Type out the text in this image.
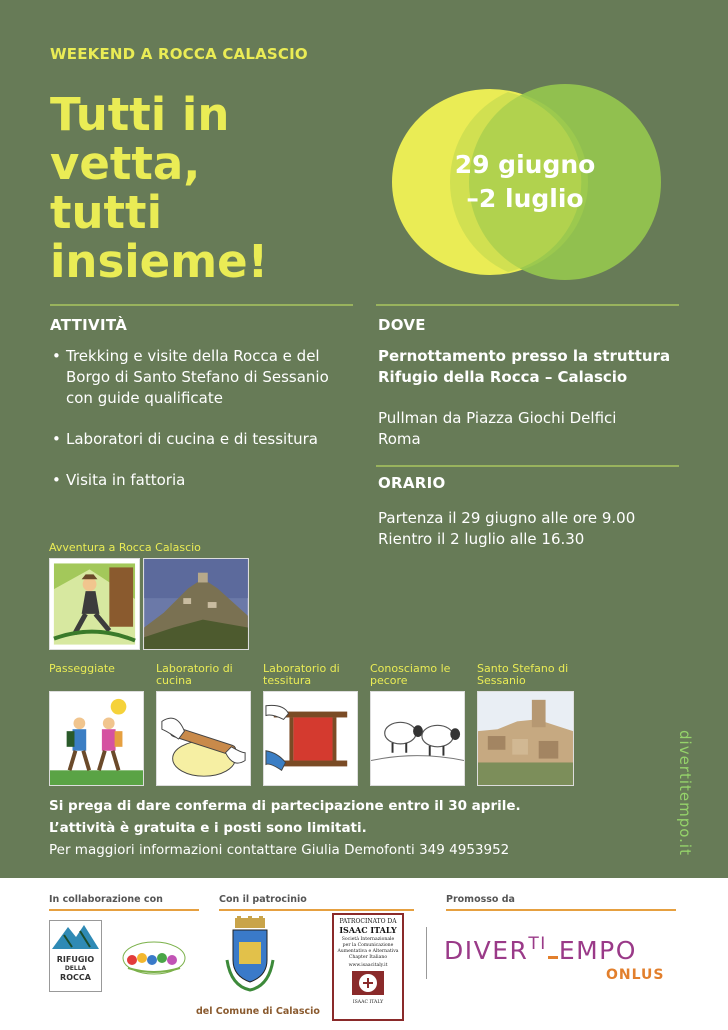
WEEKEND A ROCCA CALASCIO
Tutti in
vetta,
tutti
insieme!
29 giugno
–2 luglio
ATTIVITÀ
• Trekking e visite della Rocca e del Borgo di Santo Stefano di Sessanio con guide qualificate
• Laboratori di cucina e di tessitura
• Visita in fattoria
DOVE
Pernottamento presso la struttura
Rifugio della Rocca – Calascio
Pullman da Piazza Giochi Delfici
Roma
ORARIO
Partenza il 29 giugno alle ore 9.00
Rientro il 2 luglio alle 16.30
Avventura a Rocca Calascio
Passeggiate	Laboratorio di
cucina
Laboratorio di
tessitura
Conosciamo le
pecore
Santo Stefano di
Sessanio
Si prega di dare conferma di partecipazione entro il 30 aprile.
L’attività è gratuita e i posti sono limitati.
Per maggiori informazioni contattare Giulia Demofonti 349 4953952	divertitempo.it
In collaborazione con	Con il patrocinio	Promosso da
RIFUGIO
DELLA
ROCCA
del Comune di Calascio
PATROCINATO DA
ISAAC ITALY
Società Internazionale
per la Comunicazione
Aumentativa e Alternativa
Chapter Italiano
www.isaacitaly.it
ISAAC ITALY
$DIVER^{TI}$ EMPO
ONLUS
